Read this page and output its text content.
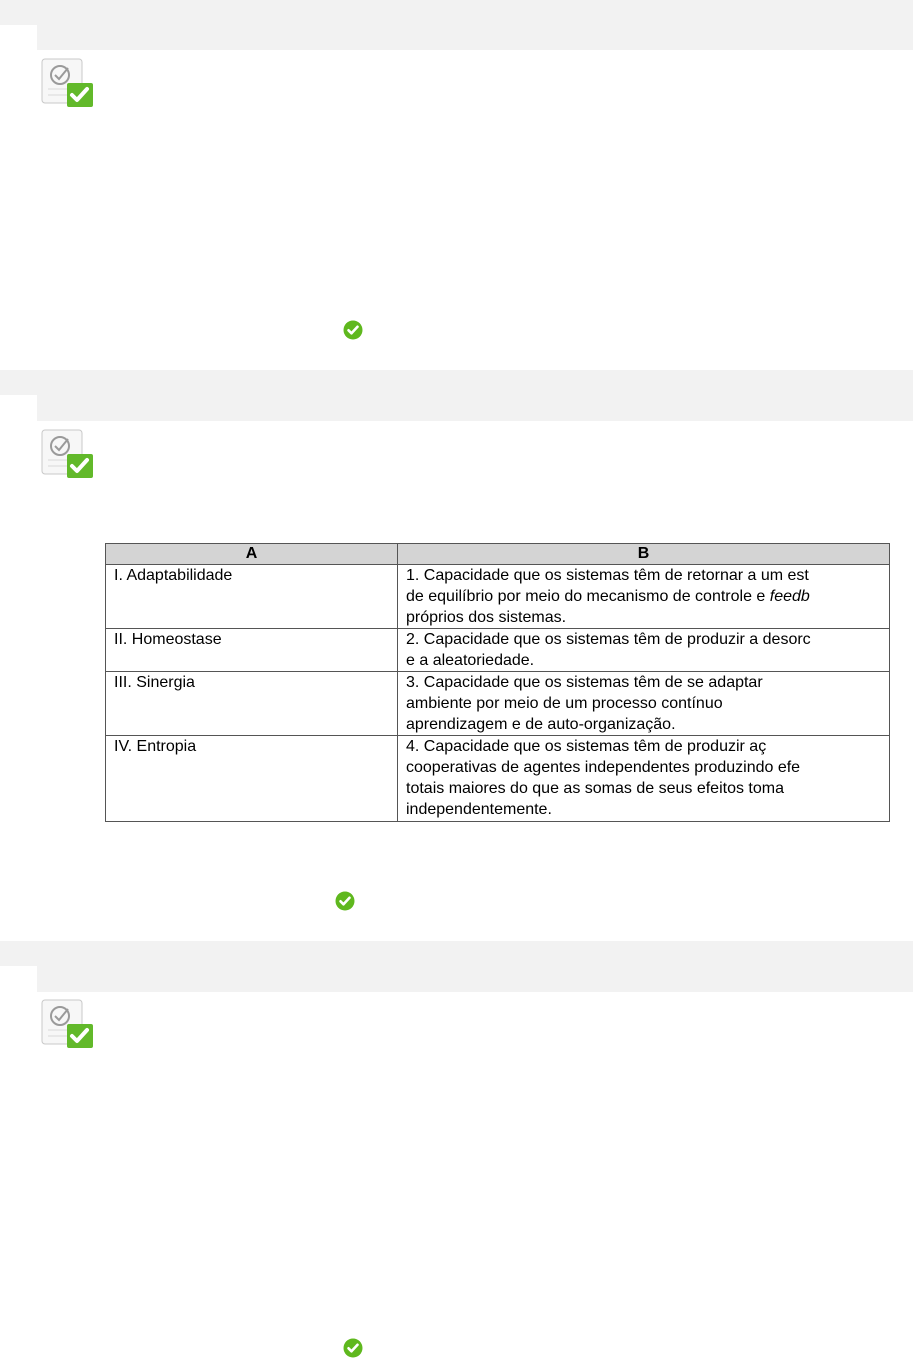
A	B
I. Adaptabilidade	1. Capacidade que os sistemas têm de retornar a um est
de equilíbrio por meio do mecanismo de controle e feedb
próprios dos sistemas.

II. Homeostase	2. Capacidade que os sistemas têm de produzir a desorc
e a aleatoriedade.

III. Sinergia	3. Capacidade que os sistemas têm de se adaptar
ambiente por meio de um processo contínuo
aprendizagem e de auto-organização.

IV. Entropia	4. Capacidade que os sistemas têm de produzir aç
cooperativas de agentes independentes produzindo efe
totais maiores do que as somas de seus efeitos toma
independentemente.
